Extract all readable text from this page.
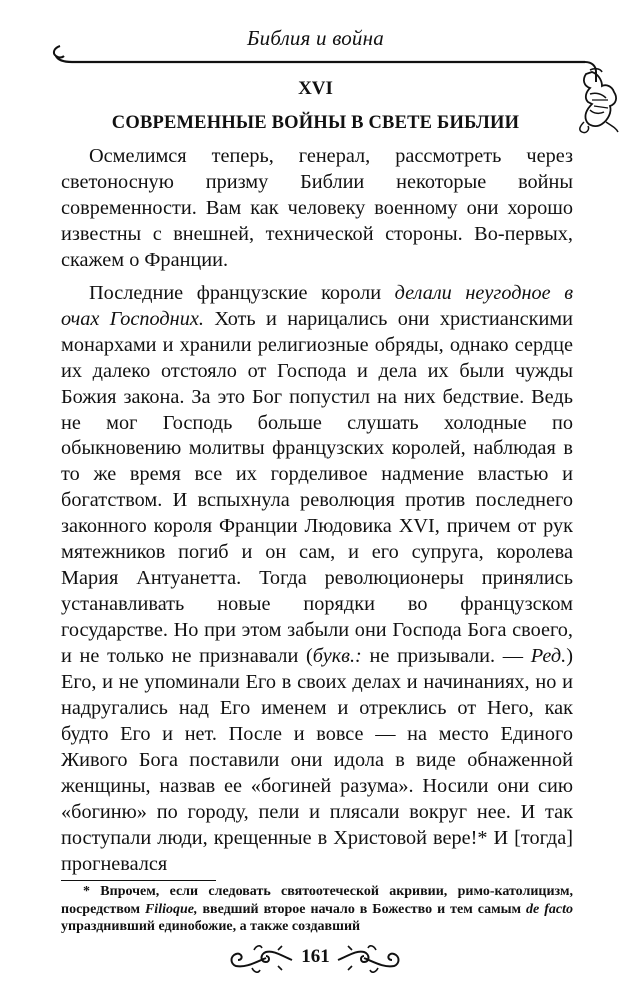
Библия и война
XVI
СОВРЕМЕННЫЕ ВОЙНЫ В СВЕТЕ БИБЛИИ

Осмелимся теперь, генерал, рассмотреть через светоносную призму Библии некоторые войны современности. Вам как человеку военному они хорошо известны с внешней, технической стороны. Во-первых, скажем о Франции.

Последние французские короли делали неугодное в очах Господних. Хоть и нарицались они христианскими монархами и хранили религиозные обряды, однако сердце их далеко отстояло от Господа и дела их были чужды Божия закона. За это Бог попустил на них бедствие. Ведь не мог Господь больше слушать холодные по обыкновению молитвы французских королей, наблюдая в то же время все их горделивое надмение властью и богатством. И вспыхнула революция против последнего законного короля Франции Людовика XVI, причем от рук мятежников погиб и он сам, и его супруга, королева Мария Антуанетта. Тогда революционеры принялись устанавливать новые порядки во французском государстве. Но при этом забыли они Господа Бога своего, и не только не признавали (букв.: не призывали. — Ред.) Его, и не упоминали Его в своих делах и начинаниях, но и надругались над Его именем и отреклись от Него, как будто Его и нет. После и вовсе — на место Единого Живого Бога поставили они идола в виде обнаженной женщины, назвав ее «богиней разума». Носили они сию «богиню» по городу, пели и плясали вокруг нее. И так поступали люди, крещенные в Христовой вере!* И [тогда] прогневался

* Впрочем, если следовать святоотеческой акривии, римо-католицизм, посредством Filioque, введший второе начало в Божество и тем самым de facto упразднивший единобожие, а также создавший
161
